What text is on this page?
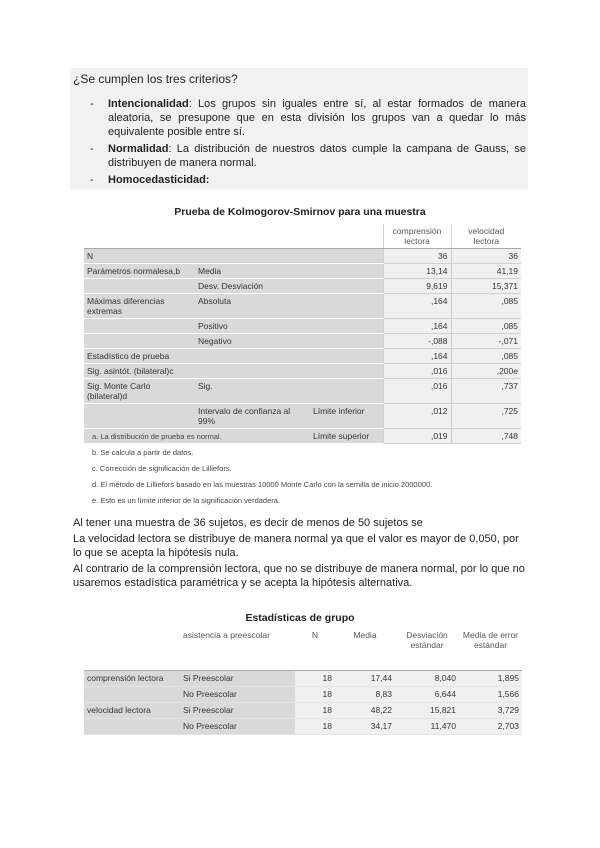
¿Se cumplen los tres criterios?
- Intencionalidad: Los grupos sin iguales entre sí, al estar formados de manera aleatoria, se presupone que en esta división los grupos van a quedar lo más equivalente posible entre sí.
- Normalidad: La distribución de nuestros datos cumple la campana de Gauss, se distribuyen de manera normal.
- Homocedasticidad:
Prueba de Kolmogorov-Smirnov para una muestra
			comprensión lectora	velocidad lectora
N			36	36
Parámetros normalesa,b	Media		13,14	41,19
	Desv. Desviación		9,619	15,371
Máximas diferencias extremas	Absoluta		,164	,085
	Positivo		,164	,085
	Negativo		-,088	-,071
Estadístico de prueba			,164	,085
Sig. asintót. (bilateral)c			,016	,200e
Sig. Monte Carlo (bilateral)d	Sig.		,016	,737
	Intervalo de confianza al 99%	Límite inferior	,012	,725
		Límite superior	,019	,748
a. La distribución de prueba es normal.
b. Se calcula a partir de datos.
c. Corrección de significación de Lilliefors.
d. El método de Lilliefors basado en las muestras 10000 Monte Carlo con la semilla de inicio 2000000.
e. Esto es un límite inferior de la significación verdadera.

Al tener una muestra de 36 sujetos, es decir de menos de 50 sujetos se

La velocidad lectora se distribuye de manera normal ya que el valor es mayor de 0,050, por lo que se acepta la hipótesis nula.

Al contrario de la comprensión lectora, que no se distribuye de manera normal, por lo que no usaremos estadística paramétrica y se acepta la hipótesis alternativa.

Estadísticas de grupo
	asistencia a preescolar	N	Media	Desviación estándar	Media de error estándar
comprensión lectora	Si Preescolar	18	17,44	8,040	1,895
	No Preescolar	18	8,83	6,644	1,566
velocidad lectora	Si Preescolar	18	48,22	15,821	3,729
	No Preescolar	18	34,17	11,470	2,703
